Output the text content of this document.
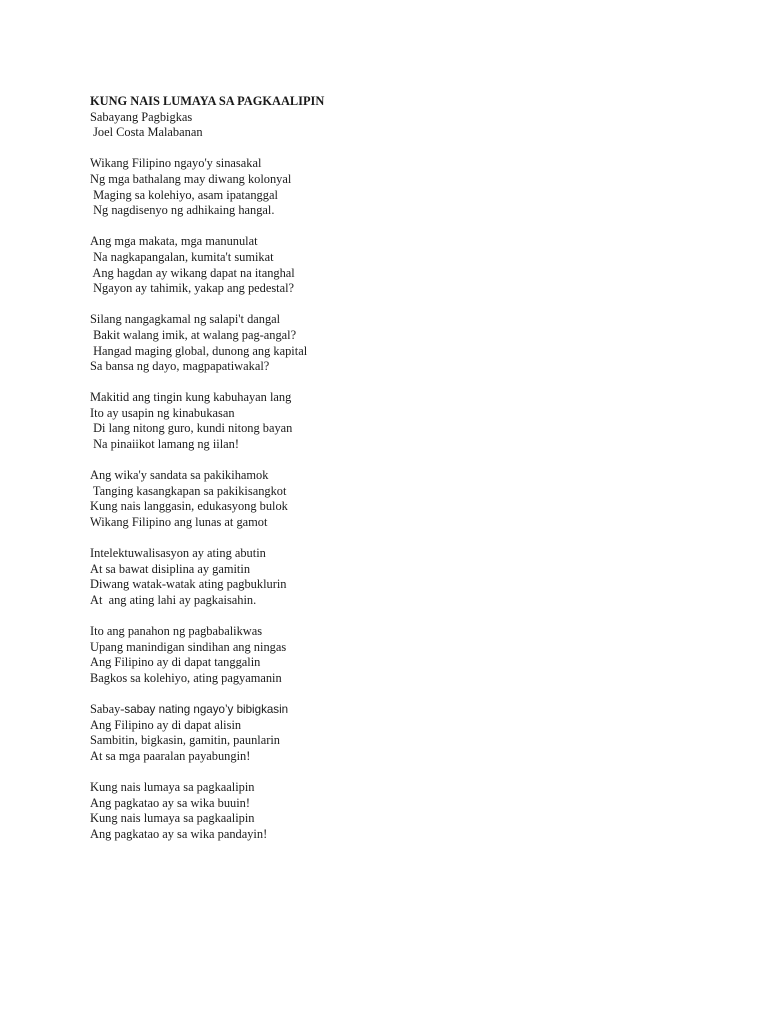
KUNG NAIS LUMAYA SA PAGKAALIPIN

Sabayang Pagbigkas

Joel Costa Malabanan

Wikang Filipino ngayo'y sinasakal

Ng mga bathalang may diwang kolonyal

Maging sa kolehiyo, asam ipatanggal

Ng nagdisenyo ng adhikaing hangal.

Ang mga makata, mga manunulat

Na nagkapangalan, kumita't sumikat

Ang hagdan ay wikang dapat na itanghal

Ngayon ay tahimik, yakap ang pedestal?

Silang nangagkamal ng salapi't dangal

Bakit walang imik, at walang pag-angal?

Hangad maging global, dunong ang kapital

Sa bansa ng dayo, magpapatiwakal?

Makitid ang tingin kung kabuhayan lang

Ito ay usapin ng kinabukasan

Di lang nitong guro, kundi nitong bayan

Na pinaiikot lamang ng iilan!

Ang wika'y sandata sa pakikihamok

Tanging kasangkapan sa pakikisangkot

Kung nais langgasin, edukasyong bulok

Wikang Filipino ang lunas at gamot

Intelektuwalisasyon ay ating abutin

At sa bawat disiplina ay gamitin

Diwang watak-watak ating pagbuklurin

At  ang ating lahi ay pagkaisahin.

Ito ang panahon ng pagbabalikwas

Upang manindigan sindihan ang ningas

Ang Filipino ay di dapat tanggalin

Bagkos sa kolehiyo, ating pagyamanin

Sabay-sabay nating ngayo’y bibigkasin

Ang Filipino ay di dapat alisin

Sambitin, bigkasin, gamitin, paunlarin

At sa mga paaralan payabungin!

Kung nais lumaya sa pagkaalipin

Ang pagkatao ay sa wika buuin!

Kung nais lumaya sa pagkaalipin

Ang pagkatao ay sa wika pandayin!
